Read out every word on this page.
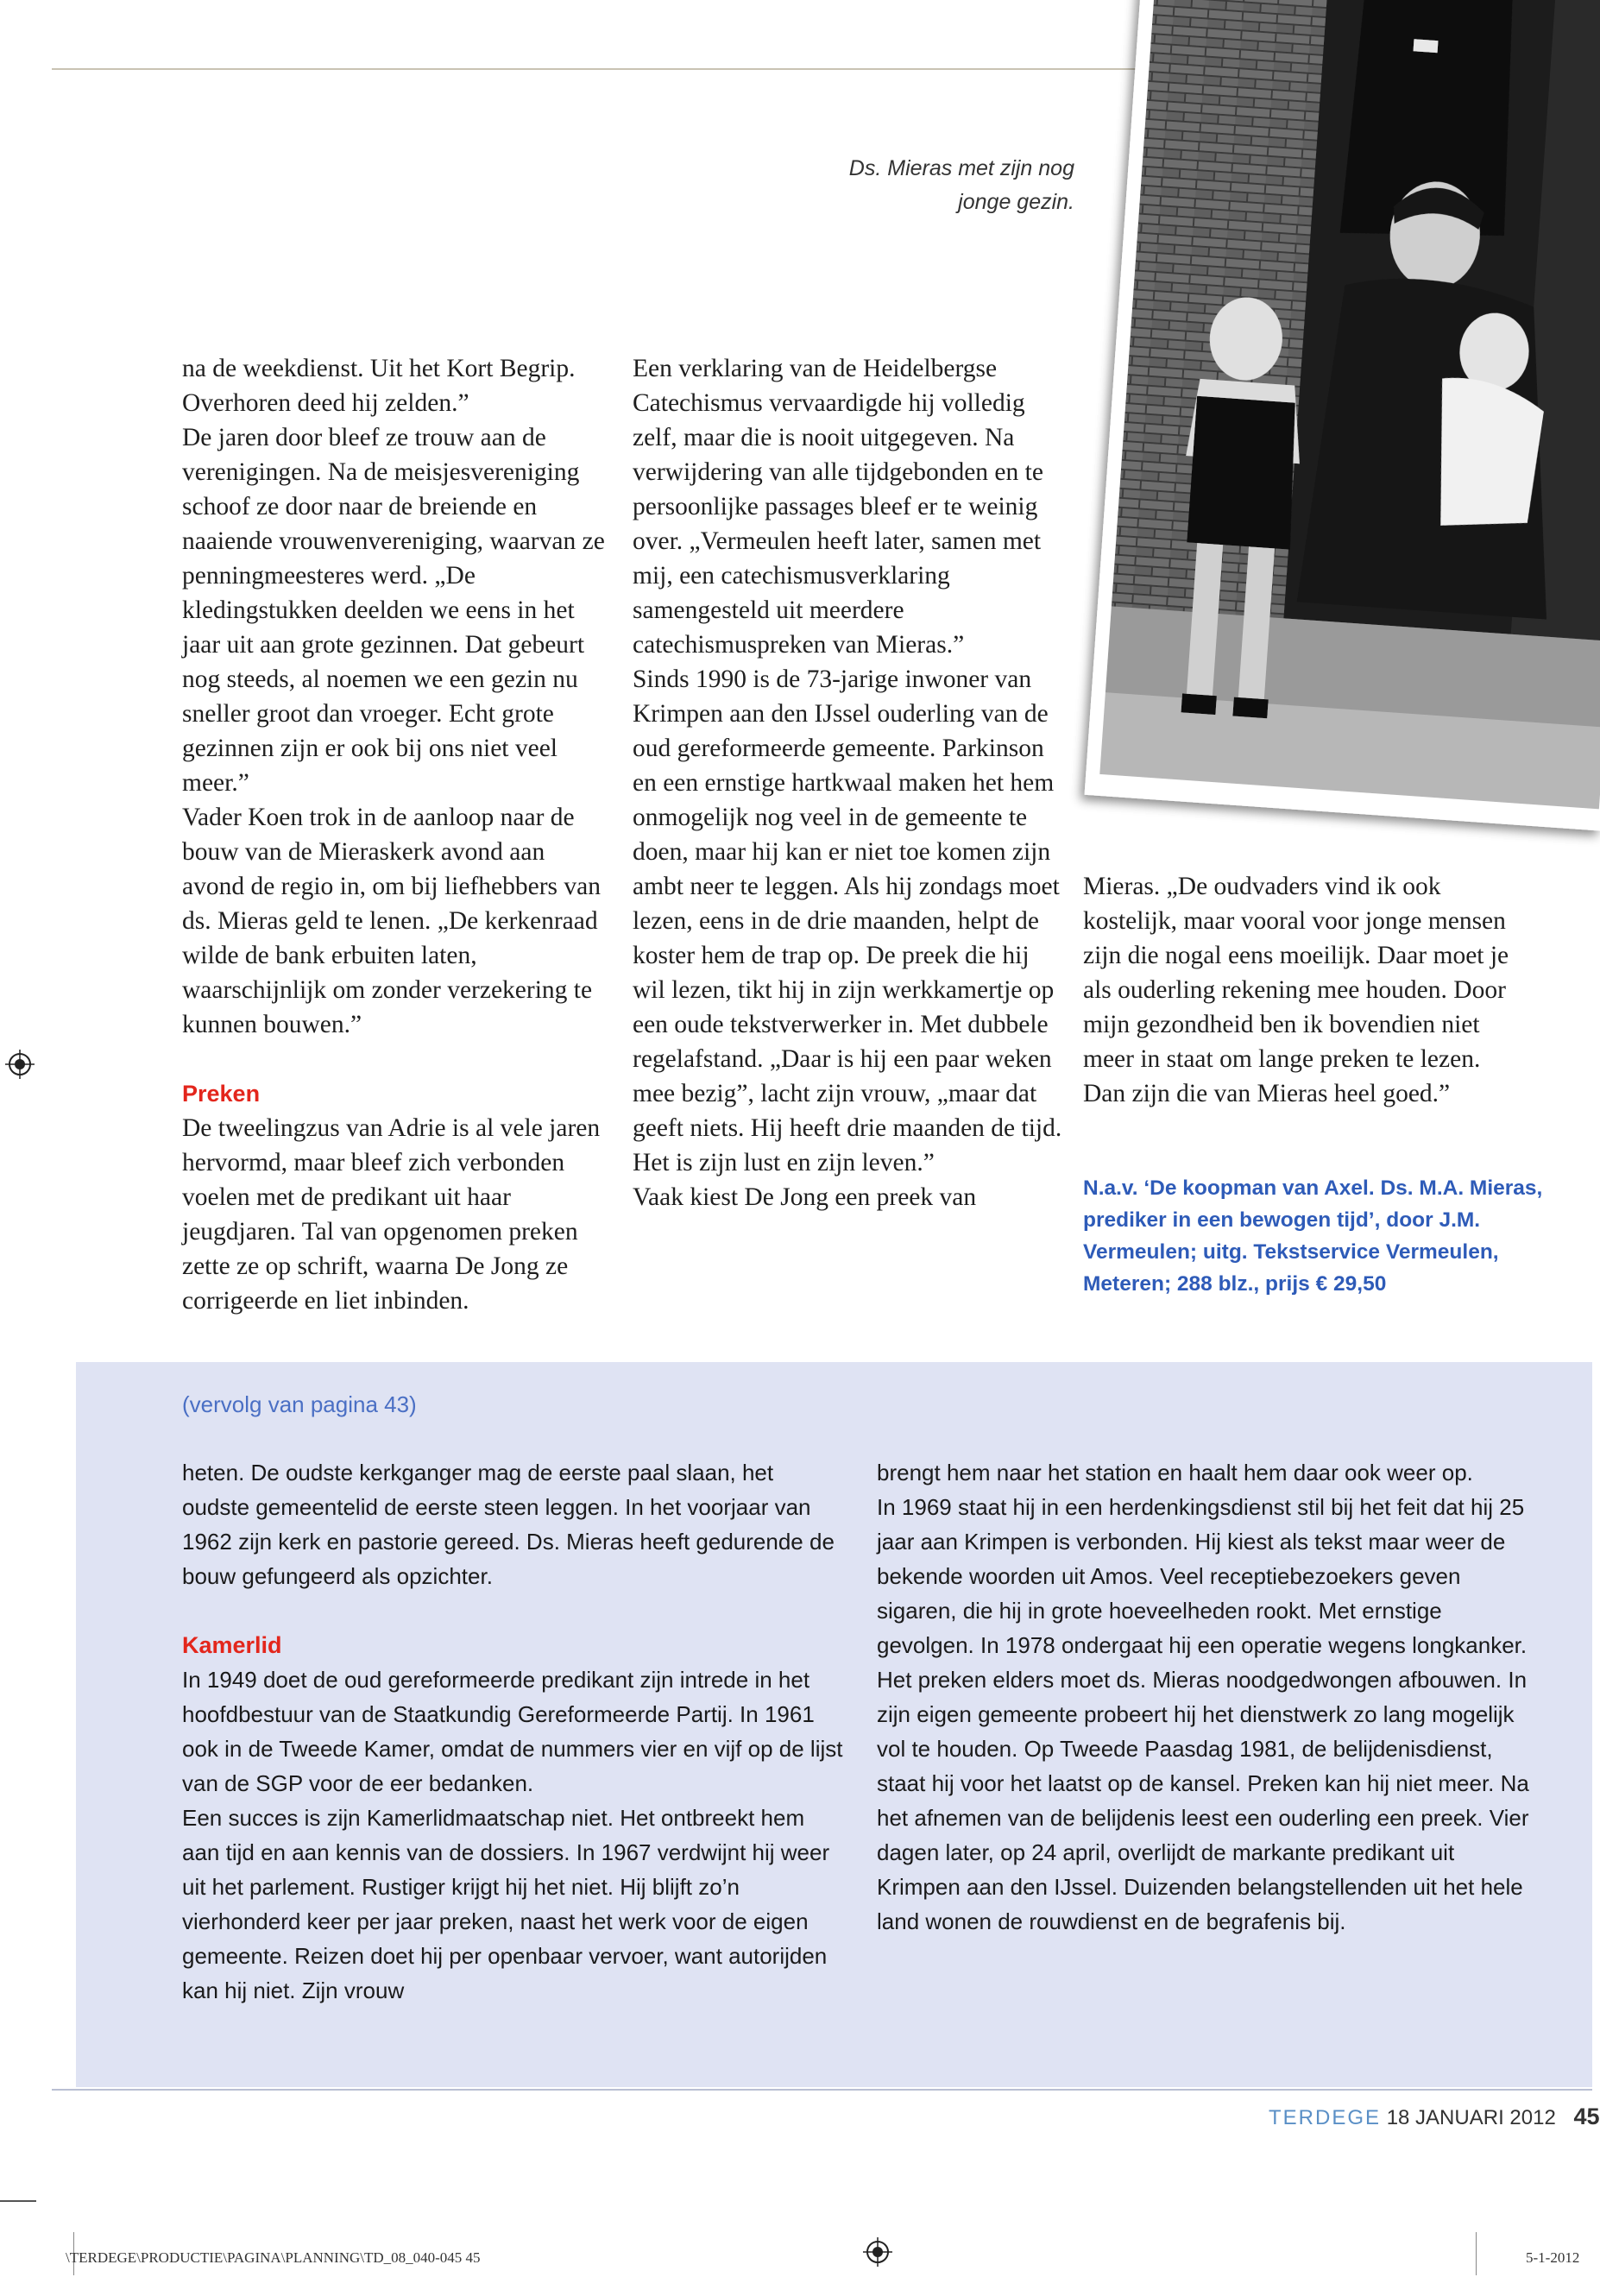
Ds. Mieras met zijn nog
jonge gezin.

na de weekdienst. Uit het Kort Begrip. Overhoren deed hij zelden.”

De jaren door bleef ze trouw aan de verenigingen. Na de meisjesvereniging schoof ze door naar de breiende en naaiende vrouwenvereniging, waarvan ze penningmeesteres werd. „De kledingstukken deelden we eens in het jaar uit aan grote gezinnen. Dat gebeurt nog steeds, al noemen we een gezin nu sneller groot dan vroeger. Echt grote gezinnen zijn er ook bij ons niet veel meer.”

Vader Koen trok in de aanloop naar de bouw van de Mieraskerk avond aan avond de regio in, om bij liefhebbers van ds. Mieras geld te lenen. „De kerkenraad wilde de bank erbuiten laten, waarschijnlijk om zonder verzekering te kunnen bouwen.”

Preken

De tweelingzus van Adrie is al vele jaren hervormd, maar bleef zich verbonden voelen met de predikant uit haar jeugdjaren. Tal van opgenomen preken zette ze op schrift, waarna De Jong ze corrigeerde en liet inbinden.

Een verklaring van de Heidelbergse Catechismus vervaardigde hij volledig zelf, maar die is nooit uitgegeven. Na verwijdering van alle tijdgebonden en te persoonlijke passages bleef er te weinig over. „Vermeulen heeft later, samen met mij, een catechismusverklaring samengesteld uit meerdere catechismuspreken van Mieras.”

Sinds 1990 is de 73-jarige inwoner van Krimpen aan den IJssel ouderling van de oud gereformeerde gemeente. Parkinson en een ernstige hartkwaal maken het hem onmogelijk nog veel in de gemeente te doen, maar hij kan er niet toe komen zijn ambt neer te leggen. Als hij zondags moet lezen, eens in de drie maanden, helpt de koster hem de trap op. De preek die hij wil lezen, tikt hij in zijn werkkamertje op een oude tekstverwerker in. Met dubbele regelafstand. „Daar is hij een paar weken mee bezig”, lacht zijn vrouw, „maar dat geeft niets. Hij heeft drie maanden de tijd. Het is zijn lust en zijn leven.”

Vaak kiest De Jong een preek van

Mieras. „De oudvaders vind ik ook kostelijk, maar vooral voor jonge mensen zijn die nogal eens moeilijk. Daar moet je als ouderling rekening mee houden. Door mijn gezondheid ben ik bovendien niet meer in staat om lange preken te lezen. Dan zijn die van Mieras heel goed.”

N.a.v. ‘De koopman van Axel. Ds. M.A. Mieras, prediker in een bewogen tijd’, door J.M. Vermeulen; uitg. Tekstservice Vermeulen, Meteren; 288 blz., prijs € 29,50
(vervolg van pagina 43)

heten. De oudste kerkganger mag de eerste paal slaan, het oudste gemeentelid de eerste steen leggen. In het voorjaar van 1962 zijn kerk en pastorie gereed. Ds. Mieras heeft gedurende de bouw gefungeerd als opzichter.

Kamerlid

In 1949 doet de oud gereformeerde predikant zijn intrede in het hoofdbestuur van de Staatkundig Gereformeerde Partij. In 1961 ook in de Tweede Kamer, omdat de nummers vier en vijf op de lijst van de SGP voor de eer bedanken.

Een succes is zijn Kamerlidmaatschap niet. Het ontbreekt hem aan tijd en aan kennis van de dossiers. In 1967 verdwijnt hij weer uit het parlement. Rustiger krijgt hij het niet. Hij blijft zo’n vierhonderd keer per jaar preken, naast het werk voor de eigen gemeente. Reizen doet hij per openbaar vervoer, want autorijden kan hij niet. Zijn vrouw

brengt hem naar het station en haalt hem daar ook weer op.

In 1969 staat hij in een herdenkingsdienst stil bij het feit dat hij 25 jaar aan Krimpen is verbonden. Hij kiest als tekst maar weer de bekende woorden uit Amos. Veel receptiebezoekers geven sigaren, die hij in grote hoeveelheden rookt. Met ernstige gevolgen. In 1978 ondergaat hij een operatie wegens longkanker.

Het preken elders moet ds. Mieras noodgedwongen afbouwen. In zijn eigen gemeente probeert hij het dienstwerk zo lang mogelijk vol te houden. Op Tweede Paasdag 1981, de belijdenisdienst, staat hij voor het laatst op de kansel. Preken kan hij niet meer. Na het afnemen van de belijdenis leest een ouderling een preek. Vier dagen later, op 24 april, overlijdt de markante predikant uit Krimpen aan den IJssel. Duizenden belangstellenden uit het hele land wonen de rouwdienst en de begrafenis bij.

TERDEGE 18 JANUARI 2012 45
\TERDEGE\PRODUCTIE\PAGINA\PLANNING\TD_08_040-045 45	5-1-2012
